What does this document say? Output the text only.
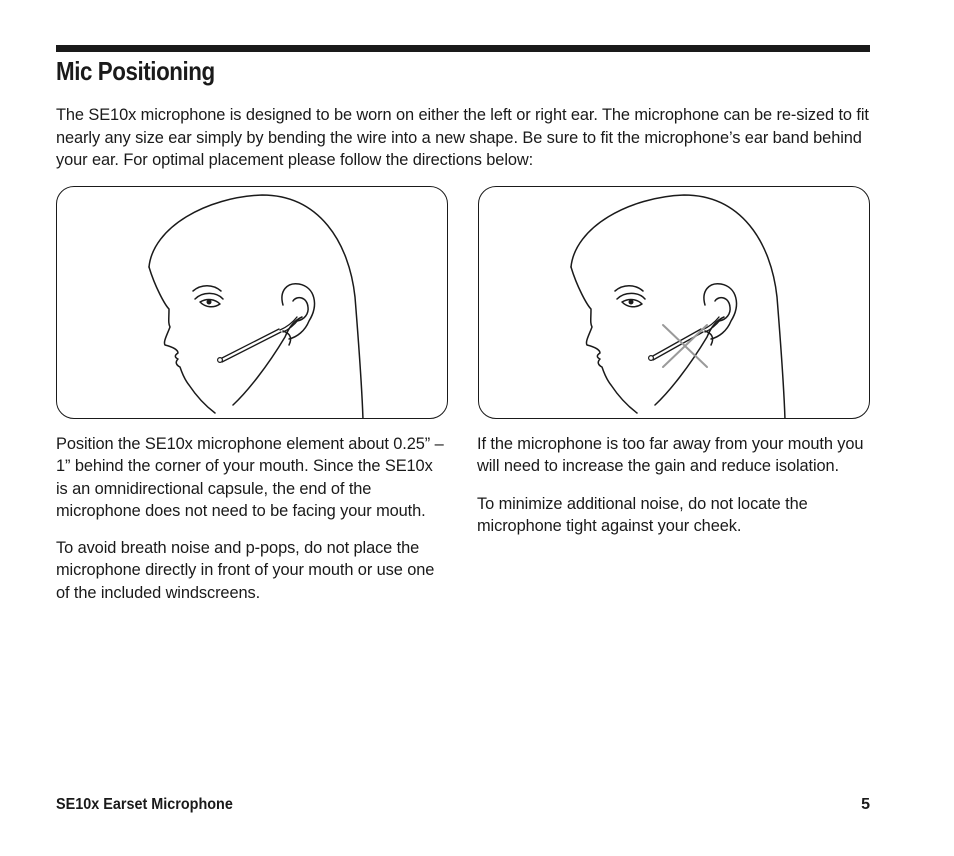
Mic Positioning

The SE10x microphone is designed to be worn on either the left or right ear. The microphone can be re-sized to fit nearly any size ear simply by bending the wire into a new shape. Be sure to fit the microphone’s ear band behind your ear. For optimal placement please follow the directions below:

Position the SE10x microphone element about 0.25” – 1” behind the corner of your mouth. Since the SE10x is an omnidirectional capsule, the end of the microphone does not need to be facing your mouth.

To avoid breath noise and p-pops, do not place the microphone directly in front of your mouth or use one of the included windscreens.

If the microphone is too far away from your mouth you will need to increase the gain and reduce isolation.

To minimize additional noise, do not locate the microphone tight against your cheek.

SE10x Earset Microphone	5
